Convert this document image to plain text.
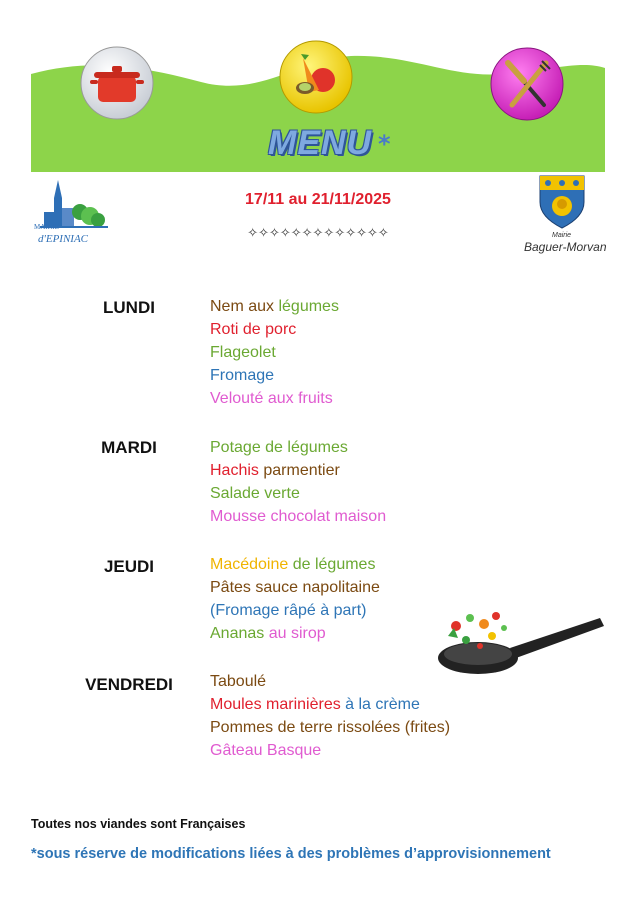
MENU *
MAIRIE
d'EPINIAC	Mairie
Baguer-Morvan
17/11 au 21/11/2025
✧✧✧✧✧✧✧✧✧✧✧✧✧
LUNDI
MARDI
JEUDI
VENDREDI
Nem aux légumes
Roti de porc
Flageolet
Fromage
Velouté aux fruits
Potage de légumes
Hachis parmentier
Salade verte
Mousse chocolat maison
Macédoine de légumes
Pâtes sauce napolitaine
(Fromage râpé à part)
Ananas au sirop
Taboulé
Moules marinières à la crème
Pommes de terre rissolées (frites)
Gâteau Basque
Toutes nos viandes sont Françaises
*sous réserve de modifications liées à des problèmes d’approvisionnement
